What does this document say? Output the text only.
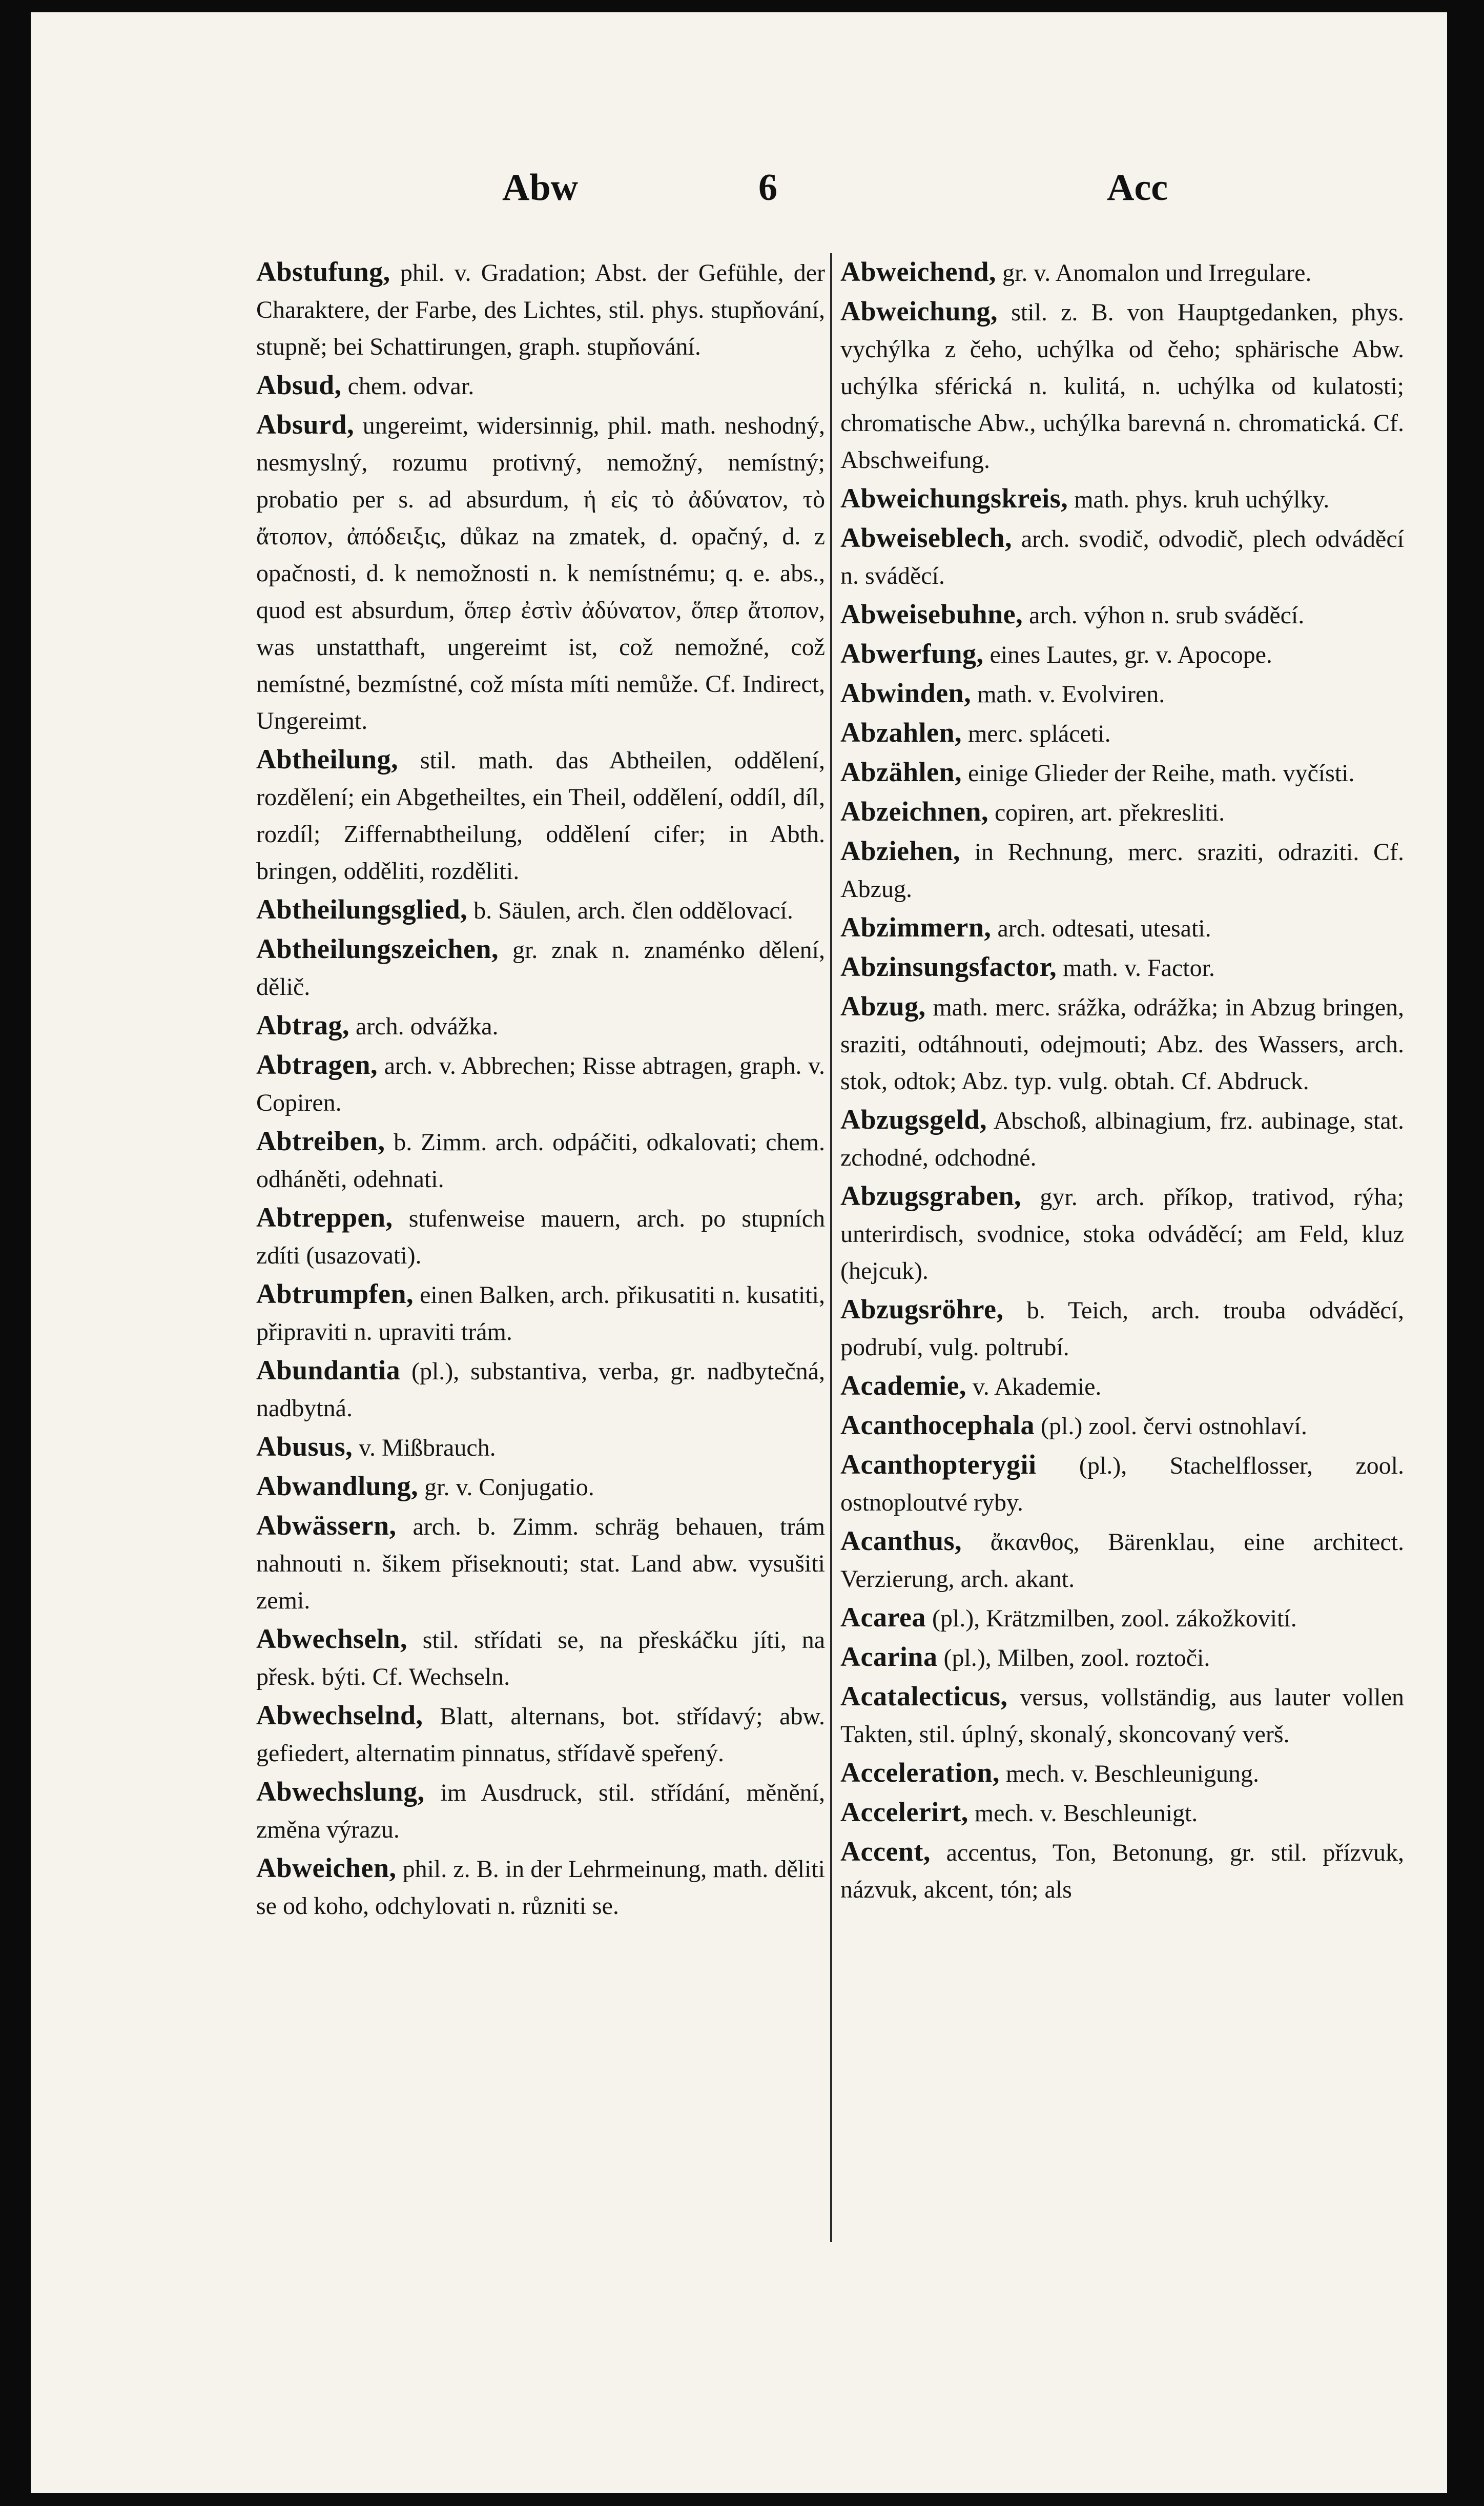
Abw	6	Acc
Abstufung, phil. v. Gradation; Abst. der Gefühle, der Charaktere, der Farbe, des Lichtes, stil. phys. stupňování, stupně; bei Schattirungen, graph. stupňování.
Absud, chem. odvar.
Absurd, ungereimt, widersinnig, phil. math. neshodný, nesmyslný, rozumu protivný, nemožný, nemístný; probatio per s. ad absurdum, ἡ εἰς τὸ ἀδύνατον, τὸ ἄτοπον, ἀπόδειξις, důkaz na zmatek, d. opačný, d. z opačnosti, d. k nemožnosti n. k nemístnému; q. e. abs., quod est absurdum, ὅπερ ἐστὶν ἀδύνατον, ὅπερ ἄτοπον, was unstatthaft, ungereimt ist, což nemožné, což nemístné, bezmístné, což místa míti nemůže. Cf. Indirect, Ungereimt.
Abtheilung, stil. math. das Abtheilen, oddělení, rozdělení; ein Abgetheiltes, ein Theil, oddělení, oddíl, díl, rozdíl; Ziffernabtheilung, oddělení cifer; in Abth. bringen, odděliti, rozděliti.
Abtheilungsglied, b. Säulen, arch. člen oddělovací.
Abtheilungszeichen, gr. znak n. znaménko dělení, dělič.
Abtrag, arch. odvážka.
Abtragen, arch. v. Abbrechen; Risse abtragen, graph. v. Copiren.
Abtreiben, b. Zimm. arch. odpáčiti, odkalovati; chem. odháněti, odehnati.
Abtreppen, stufenweise mauern, arch. po stupních zdíti (usazovati).
Abtrumpfen, einen Balken, arch. přikusatiti n. kusatiti, připraviti n. upraviti trám.
Abundantia (pl.), substantiva, verba, gr. nadbytečná, nadbytná.
Abusus, v. Mißbrauch.
Abwandlung, gr. v. Conjugatio.
Abwässern, arch. b. Zimm. schräg behauen, trám nahnouti n. šikem přiseknouti; stat. Land abw. vysušiti zemi.
Abwechseln, stil. střídati se, na přeskáčku jíti, na přesk. býti. Cf. Wechseln.
Abwechselnd, Blatt, alternans, bot. střídavý; abw. gefiedert, alternatim pinnatus, střídavě speřený.
Abwechslung, im Ausdruck, stil. střídání, měnění, změna výrazu.
Abweichen, phil. z. B. in der Lehrmeinung, math. děliti se od koho, odchylovati n. různiti se.
Abweichend, gr. v. Anomalon und Irregulare.
Abweichung, stil. z. B. von Hauptgedanken, phys. vychýlka z čeho, uchýlka od čeho; sphärische Abw. uchýlka sférická n. kulitá, n. uchýlka od kulatosti; chromatische Abw., uchýlka barevná n. chromatická. Cf. Abschweifung.
Abweichungskreis, math. phys. kruh uchýlky.
Abweiseblech, arch. svodič, odvodič, plech odváděcí n. sváděcí.
Abweisebuhne, arch. výhon n. srub sváděcí.
Abwerfung, eines Lautes, gr. v. Apocope.
Abwinden, math. v. Evolviren.
Abzahlen, merc. spláceti.
Abzählen, einige Glieder der Reihe, math. vyčísti.
Abzeichnen, copiren, art. překresliti.
Abziehen, in Rechnung, merc. sraziti, odraziti. Cf. Abzug.
Abzimmern, arch. odtesati, utesati.
Abzinsungsfactor, math. v. Factor.
Abzug, math. merc. srážka, odrážka; in Abzug bringen, sraziti, odtáhnouti, odejmouti; Abz. des Wassers, arch. stok, odtok; Abz. typ. vulg. obtah. Cf. Abdruck.
Abzugsgeld, Abschoß, albinagium, frz. aubinage, stat. zchodné, odchodné.
Abzugsgraben, gyr. arch. příkop, trativod, rýha; unterirdisch, svodnice, stoka odváděcí; am Feld, kluz (hejcuk).
Abzugsröhre, b. Teich, arch. trouba odváděcí, podrubí, vulg. poltrubí.
Academie, v. Akademie.
Acanthocephala (pl.) zool. červi ostnohlaví.
Acanthopterygii (pl.), Stachelflosser, zool. ostnoploutvé ryby.
Acanthus, ἄκανθος, Bärenklau, eine architect. Verzierung, arch. akant.
Acarea (pl.), Krätzmilben, zool. zákožkovití.
Acarina (pl.), Milben, zool. roztoči.
Acatalecticus, versus, vollständig, aus lauter vollen Takten, stil. úplný, skonalý, skoncovaný verš.
Acceleration, mech. v. Beschleunigung.
Accelerirt, mech. v. Beschleunigt.
Accent, accentus, Ton, Betonung, gr. stil. přízvuk, názvuk, akcent, tón; als
